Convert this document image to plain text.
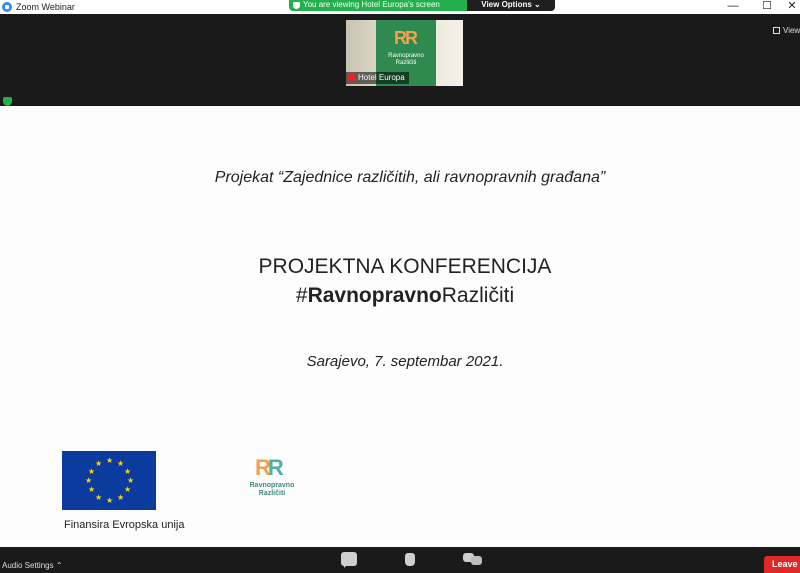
Zoom Webinar	—	☐	✕
You are viewing Hotel Europa's screen	View Options ⌄
RR
Ravnopravno Različiti
Hotel Europa
View
Projekat “Zajednice različitih, ali ravnopravnih građana”
PROJEKTNA KONFERENCIJA
#RavnopravnoRazličiti
Sarajevo, 7. septembar 2021.
★ ★
★
★
★
★
★
★
★
★
★
★
Finansira Evropska unija
RR
Ravnopravno
Različiti
Audio Settings ⌃	Leave
